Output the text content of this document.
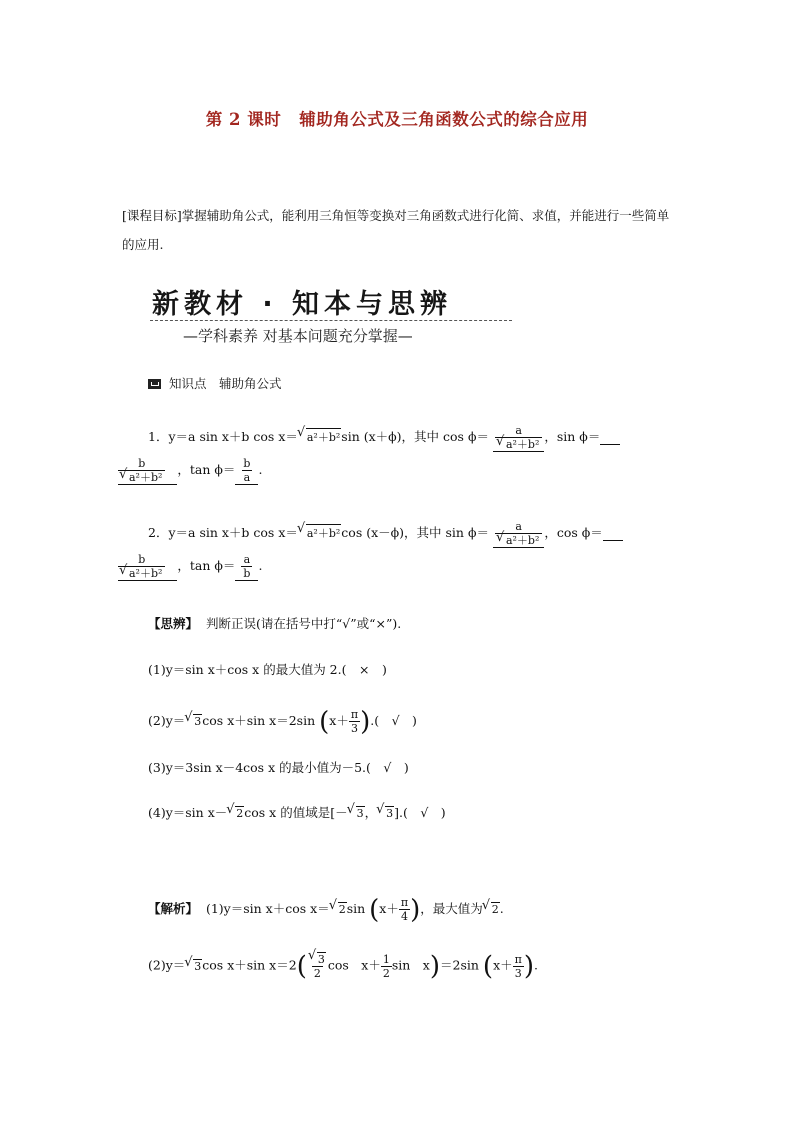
第 2 课时 辅助角公式及三角函数公式的综合应用
[课程目标]掌握辅助角公式，能利用三角恒等变换对三角函数式进行化简、求值，并能进行一些简单的应用.
新教材 · 知本与思辨
—学科素养 对基本问题充分掌握—
知识点　辅助角公式
1．y＝a sin x＋b cos x＝ √ a²＋b²sin (x＋ϕ)，其中 cos ϕ＝ a
√ a²＋b² ，sin ϕ＝
b
√ a²＋b² ，$\tan \phi= \frac{b}{a}$ .
2．y＝a sin x＋b cos x＝ √ a²＋b²cos (x－ϕ)，其中 sin ϕ＝ a
√ a²＋b² ，cos ϕ＝
b
√ a²＋b² ，$\tan \phi= \frac{a}{b}$ .
【思辨】 判断正误(请在括号中打“√”或“×”).
(1)y＝sin x＋cos x 的最大值为 2.(　×　)
(2)y＝ √ 3cos x＋sin x＝2sin ($x+ \frac{\pi}{3}$ ).(　√　)
(3)y＝3sin x－4cos x 的最小值为－5.(　√　)
(4)y＝sin x－ √ 2cos x 的值域是[－ √ 3， √ 3].(　√　)
【解析】 (1)y＝sin x＋cos x＝ √ 2sin ($x+ \frac{\pi}{4}$ )，最大值为 √ 2.
(2)y＝ √ 3cos x＋sin x＝2( √ $\frac{3}{2}$ cos　$x+ \frac{1}{2}$ sin　x)＝2sin ($x+ \frac{\pi}{3}$ ).
